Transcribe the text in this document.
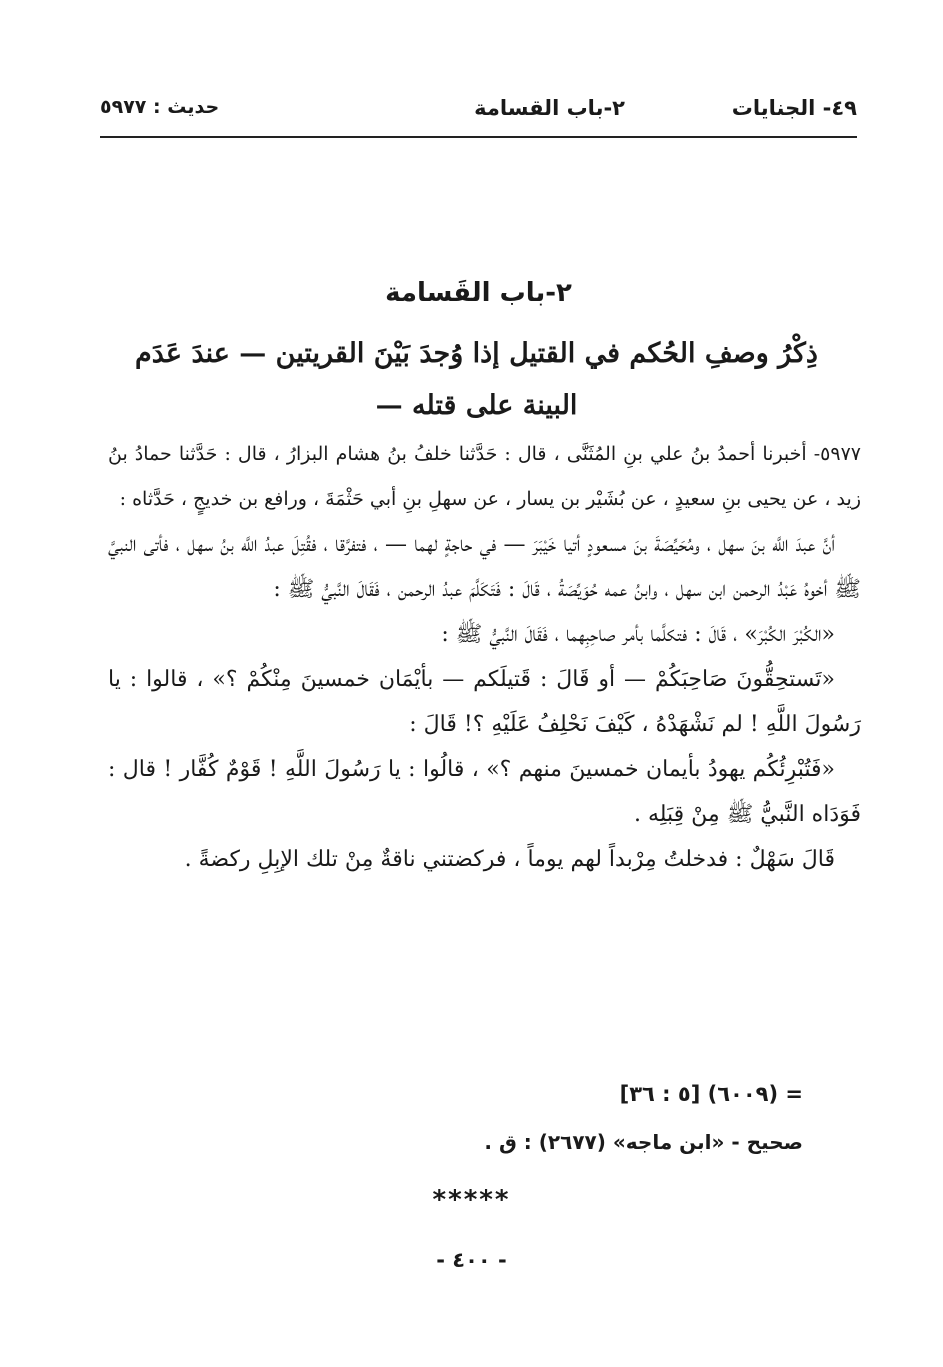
٤٩- الجنايات
٢-باب القسامة
حديث : ٥٩٧٧
٢-باب القَسامة
ذِكْرُ وصفِ الحُكم في القتيل إذا وُجدَ بَيْنَ القريتين — عندَ عَدَم البينة على قتله —

٥٩٧٧- أخبرنا أحمدُ بنُ علي بنِ المُثَنَّى ، قال : حَدَّثنا خلفُ بنُ هشام البزارُ ، قال : حَدَّثنا حمادُ بنُ زيد ، عن يحيى بنِ سعيدٍ ، عن بُشَيْر بن يسار ، عن سهلِ بنِ أبي حَثْمَةَ ، ورافع بن خديجٍ ، حَدَّثاه :

أنَّ عبدَ اللَّه بنَ سهل ، ومُحَيِّصَةَ بنَ مسعودٍ أتيا خَيْبَرَ — في حاجةٍ لهما — ، فتفرَّقا ، فقُتِلَ عبدُ اللَّه بنُ سهل ، فأتى النبيَّ ﷺ أخوهُ عَبْدُ الرحمن ابن سهل ، وابنُ عمه حُوَيِّصَةُ ، قَالَ : فَتَكَلَّمَ عبدُ الرحمن ، فَقَالَ النَّبيُّ ﷺ :

«الكُبْرَ الكُبْرَ» ، قَالَ : فتكلَّما بأمر صاحِبِهما ، فَقَالَ النَّبيُّ ﷺ :

«تَستحِقُّونَ صَاحِبَكُمْ — أو قَالَ : قَتيلَكم — بأيْمَان خمسينَ مِنْكُمْ ؟» ، قالوا : يا رَسُولَ اللَّهِ ! لم نَشْهَدْهُ ، كَيْفَ نَحْلِفُ عَلَيْهِ ؟! قَالَ :

«فَتُبْرِئُكُم يهودُ بأيمان خمسينَ منهم ؟» ، قالُوا : يا رَسُولَ اللَّهِ ! قَوْمٌ كُفَّار ! قال : فَوَدَاه النَّبيُّ ﷺ مِنْ قِبَلِه .

قَالَ سَهْلٌ : فدخلتُ مِرْبداً لهم يوماً ، فركضتني ناقةٌ مِنْ تلك الإبِلِ ركضةً .

= (٦٠٠٩) [٥ : ٣٦]
صحيح - «ابن ماجه» (٢٦٧٧) : ق .
*****
- ٤٠٠ -
